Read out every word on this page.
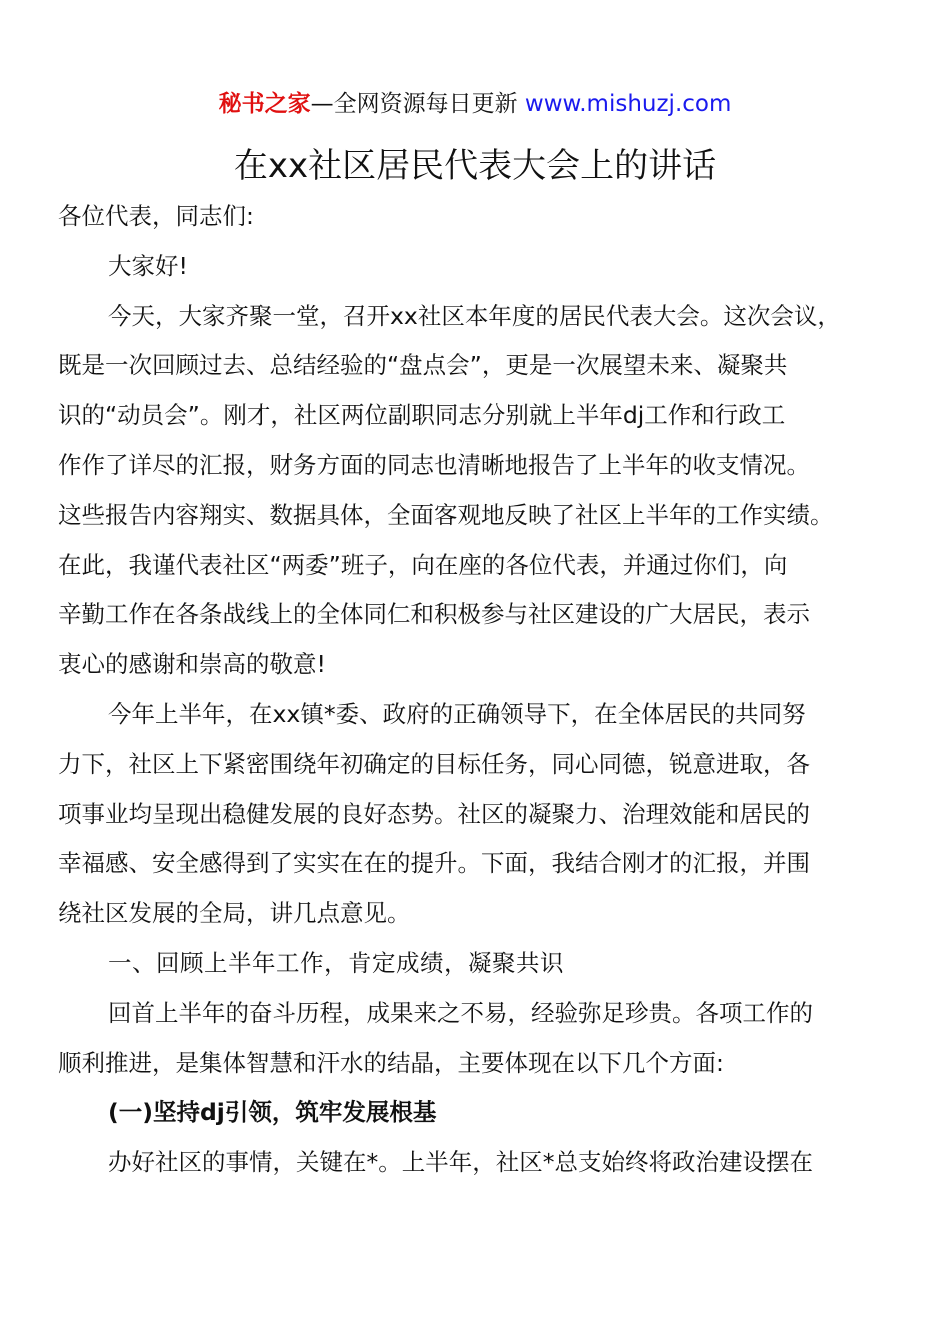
秘书之家—全网资源每日更新 www.mishuzj.com
在xx社区居民代表大会上的讲话
各位代表，同志们:
大家好!
今天，大家齐聚一堂，召开xx社区本年度的居民代表大会。这次会议，
既是一次回顾过去、总结经验的“盘点会”，更是一次展望未来、凝聚共
识的“动员会”。刚才，社区两位副职同志分别就上半年dj工作和行政工
作作了详尽的汇报，财务方面的同志也清晰地报告了上半年的收支情况。
这些报告内容翔实、数据具体，全面客观地反映了社区上半年的工作实绩。
在此，我谨代表社区“两委”班子，向在座的各位代表，并通过你们，向
辛勤工作在各条战线上的全体同仁和积极参与社区建设的广大居民，表示
衷心的感谢和崇高的敬意!
今年上半年，在xx镇*委、政府的正确领导下，在全体居民的共同努
力下，社区上下紧密围绕年初确定的目标任务，同心同德，锐意进取，各
项事业均呈现出稳健发展的良好态势。社区的凝聚力、治理效能和居民的
幸福感、安全感得到了实实在在的提升。下面，我结合刚才的汇报，并围
绕社区发展的全局，讲几点意见。
一、回顾上半年工作，肯定成绩，凝聚共识
回首上半年的奋斗历程，成果来之不易，经验弥足珍贵。各项工作的
顺利推进，是集体智慧和汗水的结晶，主要体现在以下几个方面:
(一)坚持dj引领，筑牢发展根基
办好社区的事情，关键在*。上半年，社区*总支始终将政治建设摆在
